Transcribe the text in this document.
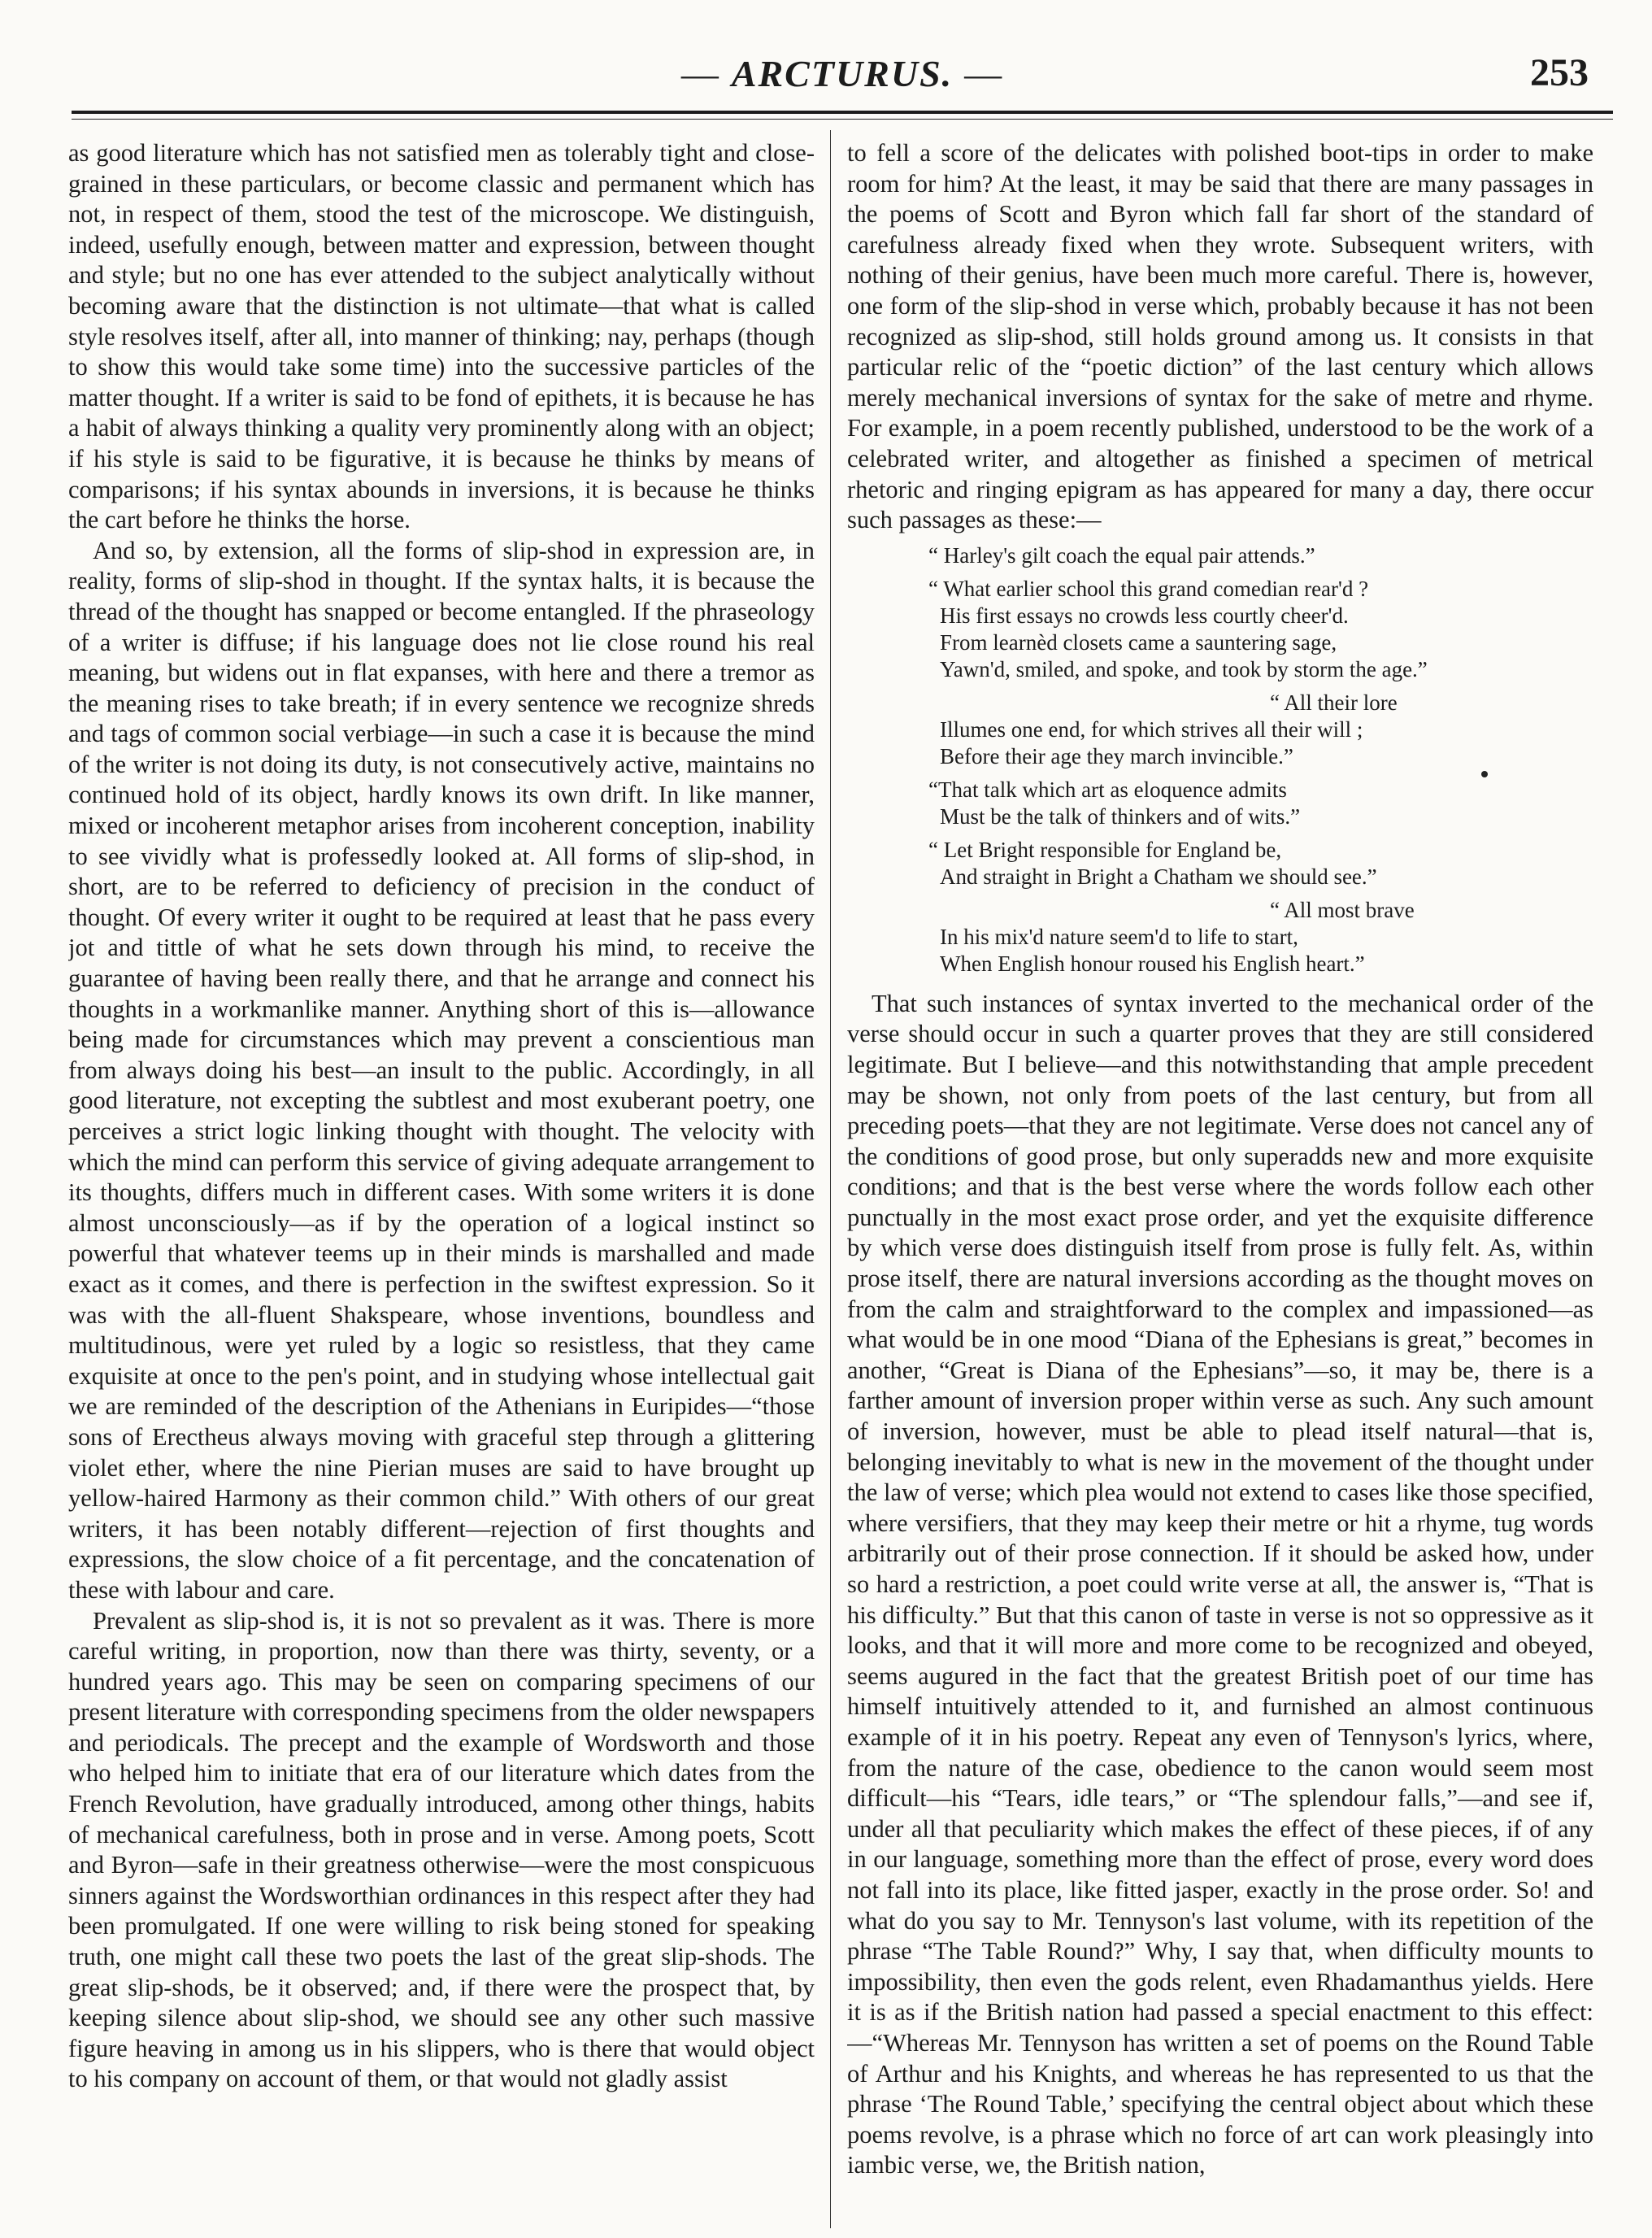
— ARCTURUS. —	253

as good literature which has not satisfied men as tolerably tight and close-grained in these particulars, or become classic and permanent which has not, in respect of them, stood the test of the microscope. We distinguish, indeed, usefully enough, between matter and expression, between thought and style; but no one has ever attended to the subject analytically without becoming aware that the distinction is not ultimate—that what is called style resolves itself, after all, into manner of thinking; nay, perhaps (though to show this would take some time) into the successive particles of the matter thought. If a writer is said to be fond of epithets, it is because he has a habit of always thinking a quality very prominently along with an object; if his style is said to be figurative, it is because he thinks by means of comparisons; if his syntax abounds in inversions, it is because he thinks the cart before he thinks the horse.

And so, by extension, all the forms of slip-shod in expression are, in reality, forms of slip-shod in thought. If the syntax halts, it is because the thread of the thought has snapped or become entangled. If the phraseology of a writer is diffuse; if his language does not lie close round his real meaning, but widens out in flat expanses, with here and there a tremor as the meaning rises to take breath; if in every sentence we recognize shreds and tags of common social verbiage—in such a case it is because the mind of the writer is not doing its duty, is not consecutively active, maintains no continued hold of its object, hardly knows its own drift. In like manner, mixed or incoherent metaphor arises from incoherent conception, inability to see vividly what is professedly looked at. All forms of slip-shod, in short, are to be referred to deficiency of precision in the conduct of thought. Of every writer it ought to be required at least that he pass every jot and tittle of what he sets down through his mind, to receive the guarantee of having been really there, and that he arrange and connect his thoughts in a workmanlike manner. Anything short of this is—allowance being made for circumstances which may prevent a conscientious man from always doing his best—an insult to the public. Accordingly, in all good literature, not excepting the subtlest and most exuberant poetry, one perceives a strict logic linking thought with thought. The velocity with which the mind can perform this service of giving adequate arrangement to its thoughts, differs much in different cases. With some writers it is done almost unconsciously—as if by the operation of a logical instinct so powerful that whatever teems up in their minds is marshalled and made exact as it comes, and there is perfection in the swiftest expression. So it was with the all-fluent Shakspeare, whose inventions, boundless and multitudinous, were yet ruled by a logic so resistless, that they came exquisite at once to the pen's point, and in studying whose intellectual gait we are reminded of the description of the Athenians in Euripides—“those sons of Erectheus always moving with graceful step through a glittering violet ether, where the nine Pierian muses are said to have brought up yellow-haired Harmony as their common child.” With others of our great writers, it has been notably different—rejection of first thoughts and expressions, the slow choice of a fit percentage, and the concatenation of these with labour and care.

Prevalent as slip-shod is, it is not so prevalent as it was. There is more careful writing, in proportion, now than there was thirty, seventy, or a hundred years ago. This may be seen on comparing specimens of our present literature with corresponding specimens from the older newspapers and periodicals. The precept and the example of Wordsworth and those who helped him to initiate that era of our literature which dates from the French Revolution, have gradually introduced, among other things, habits of mechanical carefulness, both in prose and in verse. Among poets, Scott and Byron—safe in their greatness otherwise—were the most conspicuous sinners against the Wordsworthian ordinances in this respect after they had been promulgated. If one were willing to risk being stoned for speaking truth, one might call these two poets the last of the great slip-shods. The great slip-shods, be it observed; and, if there were the prospect that, by keeping silence about slip-shod, we should see any other such massive figure heaving in among us in his slippers, who is there that would object to his company on account of them, or that would not gladly assist

to fell a score of the delicates with polished boot-tips in order to make room for him? At the least, it may be said that there are many passages in the poems of Scott and Byron which fall far short of the standard of carefulness already fixed when they wrote. Subsequent writers, with nothing of their genius, have been much more careful. There is, however, one form of the slip-shod in verse which, probably because it has not been recognized as slip-shod, still holds ground among us. It consists in that particular relic of the “poetic diction” of the last century which allows merely mechanical inversions of syntax for the sake of metre and rhyme. For example, in a poem recently published, understood to be the work of a celebrated writer, and altogether as finished a specimen of metrical rhetoric and ringing epigram as has appeared for many a day, there occur such passages as these:—

“ Harley's gilt coach the equal pair attends.”
“ What earlier school this grand comedian rear'd ?
His first essays no crowds less courtly cheer'd.
From learnèd closets came a sauntering sage,
Yawn'd, smiled, and spoke, and took by storm the age.”
“ All their lore
Illumes one end, for which strives all their will ;
Before their age they march invincible.”
“That talk which art as eloquence admits
Must be the talk of thinkers and of wits.”
“ Let Bright responsible for England be,
And straight in Bright a Chatham we should see.”
“ All most brave
In his mix'd nature seem'd to life to start,
When English honour roused his English heart.”

That such instances of syntax inverted to the mechanical order of the verse should occur in such a quarter proves that they are still considered legitimate. But I believe—and this notwithstanding that ample precedent may be shown, not only from poets of the last century, but from all preceding poets—that they are not legitimate. Verse does not cancel any of the conditions of good prose, but only superadds new and more exquisite conditions; and that is the best verse where the words follow each other punctually in the most exact prose order, and yet the exquisite difference by which verse does distinguish itself from prose is fully felt. As, within prose itself, there are natural inversions according as the thought moves on from the calm and straightforward to the complex and impassioned—as what would be in one mood “Diana of the Ephesians is great,” becomes in another, “Great is Diana of the Ephesians”—so, it may be, there is a farther amount of inversion proper within verse as such. Any such amount of inversion, however, must be able to plead itself natural—that is, belonging inevitably to what is new in the movement of the thought under the law of verse; which plea would not extend to cases like those specified, where versifiers, that they may keep their metre or hit a rhyme, tug words arbitrarily out of their prose connection. If it should be asked how, under so hard a restriction, a poet could write verse at all, the answer is, “That is his difficulty.” But that this canon of taste in verse is not so oppressive as it looks, and that it will more and more come to be recognized and obeyed, seems augured in the fact that the greatest British poet of our time has himself intuitively attended to it, and furnished an almost continuous example of it in his poetry. Repeat any even of Tennyson's lyrics, where, from the nature of the case, obedience to the canon would seem most difficult—his “Tears, idle tears,” or “The splendour falls,”—and see if, under all that peculiarity which makes the effect of these pieces, if of any in our language, something more than the effect of prose, every word does not fall into its place, like fitted jasper, exactly in the prose order. So! and what do you say to Mr. Tennyson's last volume, with its repetition of the phrase “The Table Round?” Why, I say that, when difficulty mounts to impossibility, then even the gods relent, even Rhadamanthus yields. Here it is as if the British nation had passed a special enactment to this effect:—“Whereas Mr. Tennyson has written a set of poems on the Round Table of Arthur and his Knights, and whereas he has represented to us that the phrase ‘The Round Table,’ specifying the central object about which these poems revolve, is a phrase which no force of art can work pleasingly into iambic verse, we, the British nation,
